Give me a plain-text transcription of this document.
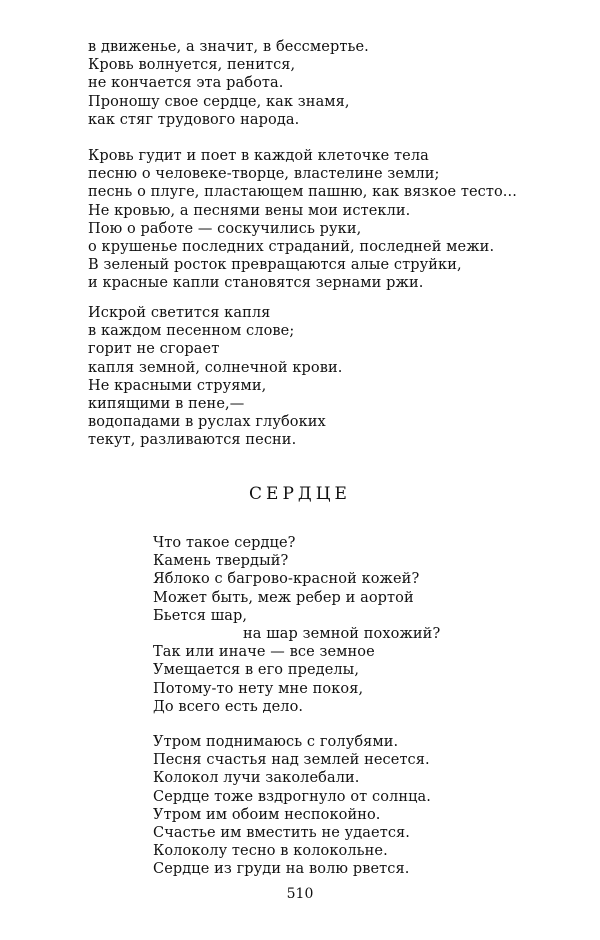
в движенье, а значит, в бессмертье.
Кровь волнуется, пенится,
не кончается эта работа.
Проношу свое сердце, как знамя,
как стяг трудового народа.
Кровь гудит и поет в каждой клеточке тела
песню о человеке-творце, властелине земли;
песнь о плуге, пластающем пашню, как вязкое тесто...
Не кровью, а песнями вены мои истекли.
Пою о работе — соскучились руки,
о крушенье последних страданий, последней межи.
В зеленый росток превращаются алые струйки,
и красные капли становятся зернами ржи.
Искрой светится капля
в каждом песенном слове;
горит не сгорает
капля земной, солнечной крови.
Не красными струями,
кипящими в пене,—
водопадами в руслах глубоких
текут, разливаются песни.
СЕРДЦЕ
Что такое сердце?
Камень твердый?
Яблоко с багрово-красной кожей?
Может быть, меж ребер и аортой
Бьется шар,
на шар земной похожий?
Так или иначе — все земное
Умещается в его пределы,
Потому-то нету мне покоя,
До всего есть дело.
Утром поднимаюсь с голубями.
Песня счастья над землей несется.
Колокол лучи заколебали.
Сердце тоже вздрогнуло от солнца.
Утром им обоим неспокойно.
Счастье им вместить не удается.
Колоколу тесно в колокольне.
Сердце из груди на волю рвется.
510
